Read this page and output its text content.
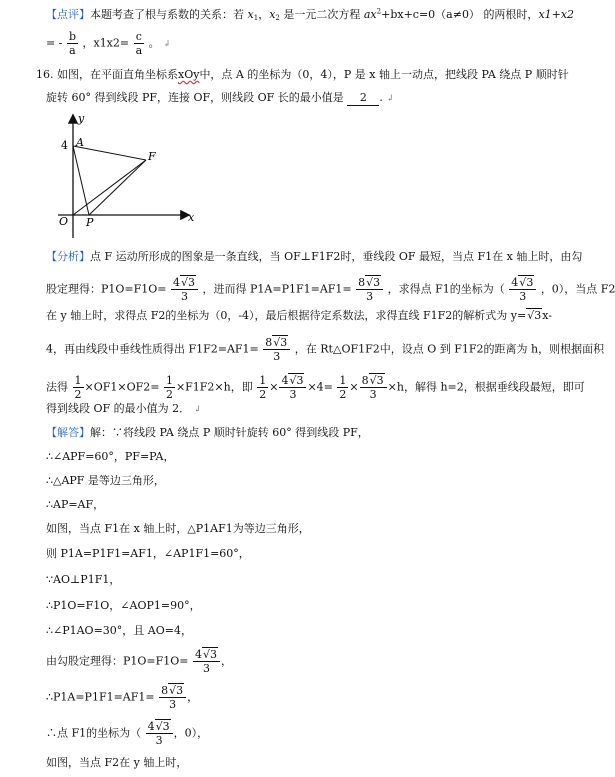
【点评】本题考查了根与系数的关系：若 $x_1$，$x_2$ 是一元二次方程 $ax^2+bx+c=0(a\ne 0)$ 的两根时，x1+x2
= - $\frac{b}{a}$ ，$x1x2= \frac{c}{a}$ 。 ↲
16. 如图，在平面直角坐标系xOy中，点 A 的坐标为（0，4），P 是 x 轴上一动点，把线段 PA 绕点 P 顺时针
旋转 60° 得到线段 PF，连接 OF，则线段 OF 长的最小值是 2 . ↲
y
x
O
A
P
F
4
【分析】点 F 运动所形成的图象是一条直线，当 OF⊥F1F2时，垂线段 OF 最短，当点 F1在 x 轴上时，由勾
股定理得：$P1O=F1O= \frac{4√3}{3}$ ，进而得 $P1A=P1F1=AF1= \frac{8√3}{3}$ ，求得点 F1的坐标为（ $\frac{4√3}{3}$ ，0），当点 F2
在 y 轴上时，求得点 F2的坐标为（0，-4），最后根据待定系数法，求得直线 F1F2的解析式为 y=√3x-
4，再由线段中垂线性质得出 $F1F2=AF1= \frac{8√3}{3}$ ，在 Rt△OF1F2中，设点 O 到 F1F2的距离为 h，则根据面积
法得 $\frac{1}{2} \times OF1\times OF2= \frac{1}{2} \times F1F2\times h$，即 $\frac{1}{2} \times \frac{4√3}{3} \times 4= \frac{1}{2} \times \frac{8√3}{3} \times h$，解得 h=2，根据垂线段最短，即可
得到线段 OF 的最小值为 2． ↲
【解答】解：∵将线段 PA 绕点 P 顺时针旋转 60° 得到线段 PF，
∴∠APF=60°，PF=PA，
∴△APF 是等边三角形，
∴AP=AF，
如图，当点 F1在 x 轴上时，△P1AF1为等边三角形，
则 P1A=P1F1=AF1，∠AP1F1=60°，
∵AO⊥P1F1，
∴P1O=F1O，∠AOP1=90°，
∴∠P1AO=30°，且 AO=4，
由勾股定理得：$P1O=F1O= \frac{4√3}{3}$ ，
∴P1A=P1F1=AF1= $\frac{8√3}{3}$ ，
∴点 F1的坐标为（ $\frac{4√3}{3}$ ，0），
如图，当点 F2在 y 轴上时，
